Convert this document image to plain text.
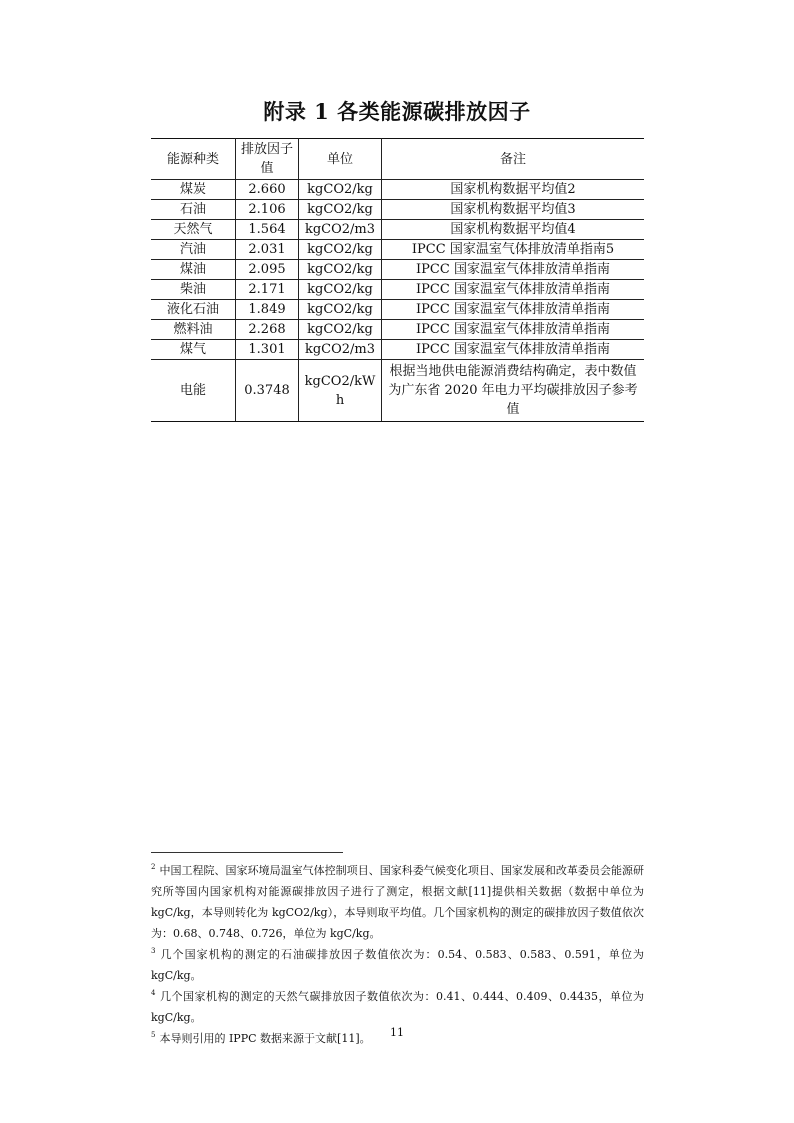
附录 1 各类能源碳排放因子
能源种类	排放因子值	单位	备注
煤炭	2.660	kgCO2/kg	国家机构数据平均值2
石油	2.106	kgCO2/kg	国家机构数据平均值3
天然气	1.564	kgCO2/m3	国家机构数据平均值4
汽油	2.031	kgCO2/kg	IPCC 国家温室气体排放清单指南5
煤油	2.095	kgCO2/kg	IPCC 国家温室气体排放清单指南
柴油	2.171	kgCO2/kg	IPCC 国家温室气体排放清单指南
液化石油	1.849	kgCO2/kg	IPCC 国家温室气体排放清单指南
燃料油	2.268	kgCO2/kg	IPCC 国家温室气体排放清单指南
煤气	1.301	kgCO2/m3	IPCC 国家温室气体排放清单指南
电能	0.3748	kgCO2/kWh	根据当地供电能源消费结构确定，表中数值为广东省 2020 年电力平均碳排放因子参考值
$^2$ 中国工程院、国家环境局温室气体控制项目、国家科委气候变化项目、国家发展和改革委员会能源研究所等国内国家机构对能源碳排放因子进行了测定，根据文献[11]提供相关数据（数据中单位为 kgC/kg，本导则转化为 kgCO2/kg），本导则取平均值。几个国家机构的测定的碳排放因子数值依次为：0.68、0.748、0.726，单位为 kgC/kg。
$^3$ 几个国家机构的测定的石油碳排放因子数值依次为：0.54、0.583、0.583、0.591，单位为 kgC/kg。
$^4$ 几个国家机构的测定的天然气碳排放因子数值依次为：0.41、0.444、0.409、0.4435，单位为 kgC/kg。
$^5$ 本导则引用的 IPPC 数据来源于文献[11]。	11
